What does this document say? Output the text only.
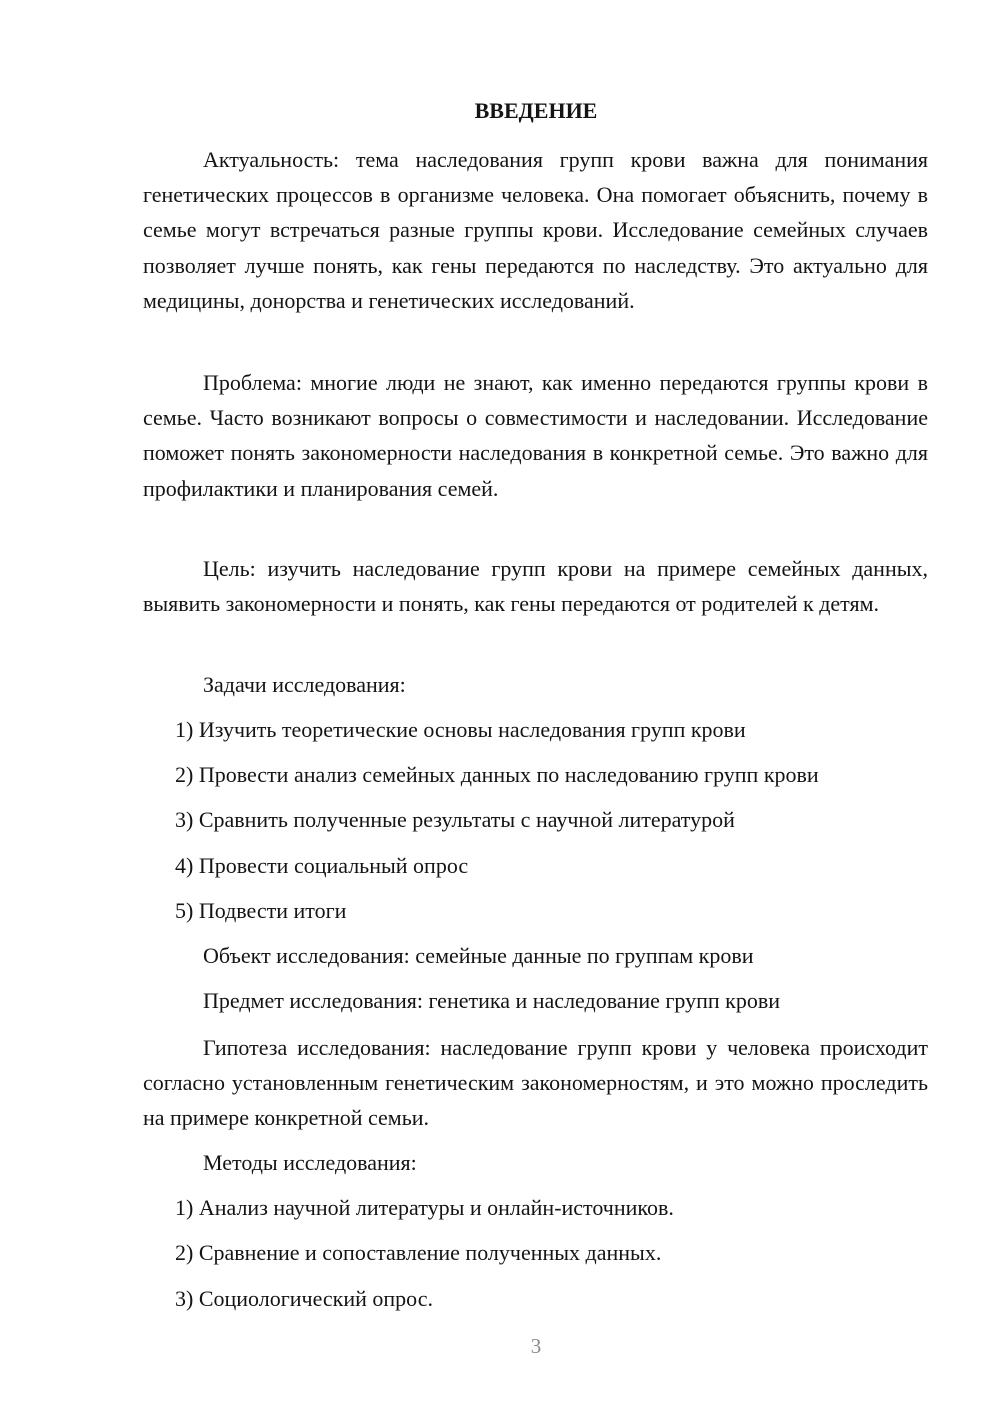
ВВЕДЕНИЕ

Актуальность: тема наследования групп крови важна для понимания генетических процессов в организме человека. Она помогает объяснить, почему в семье могут встречаться разные группы крови. Исследование семейных случаев позволяет лучше понять, как гены передаются по наследству. Это актуально для медицины, донорства и генетических исследований.

Проблема: многие люди не знают, как именно передаются группы крови в семье. Часто возникают вопросы о совместимости и наследовании. Исследование поможет понять закономерности наследования в конкретной семье. Это важно для профилактики и планирования семей.

Цель: изучить наследование групп крови на примере семейных данных, выявить закономерности и понять, как гены передаются от родителей к детям.

Задачи исследования:

1) Изучить теоретические основы наследования групп крови

2) Провести анализ семейных данных по наследованию групп крови

3) Сравнить полученные результаты с научной литературой

4) Провести социальный опрос

5) Подвести итоги

Объект исследования: семейные данные по группам крови

Предмет исследования: генетика и наследование групп крови

Гипотеза исследования: наследование групп крови у человека происходит согласно установленным генетическим закономерностям, и это можно проследить на примере конкретной семьи.

Методы исследования:

1) Анализ научной литературы и онлайн-источников.

2) Сравнение и сопоставление полученных данных.

3) Социологический опрос.

3
